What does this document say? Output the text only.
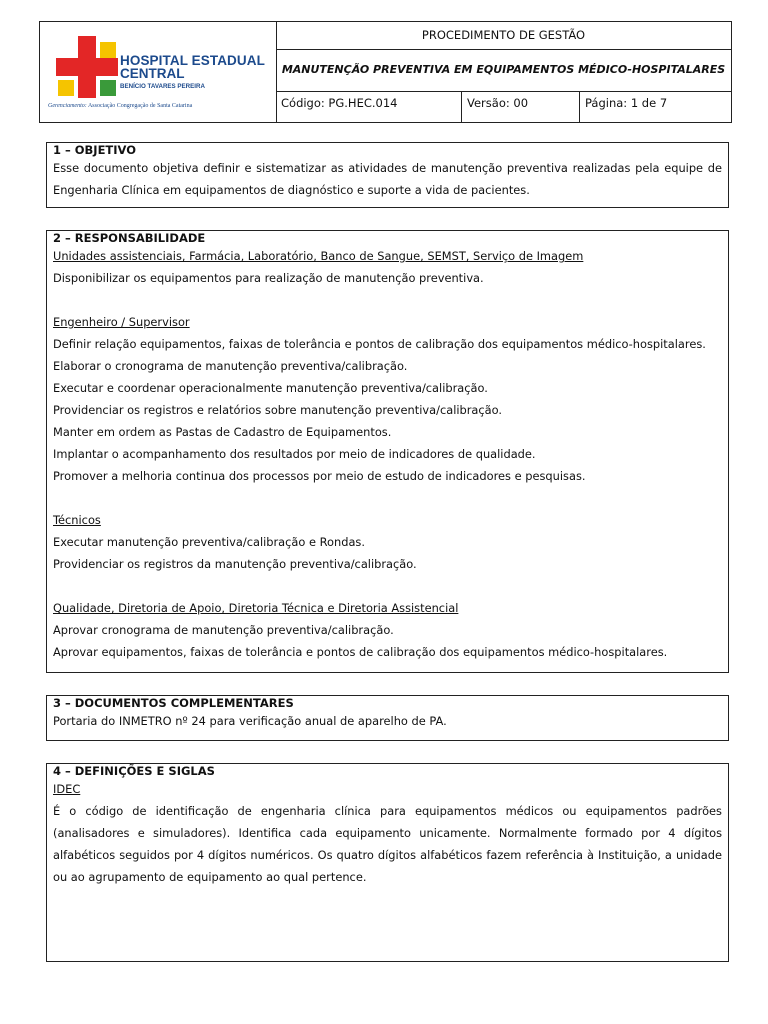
HOSPITAL ESTADUAL
CENTRAL
BENÍCIO TAVARES PEREIRA
Gerenciamento: Associação Congregação de Santa Catarina
PROCEDIMENTO DE GESTÃO
MANUTENÇÃO PREVENTIVA EM EQUIPAMENTOS MÉDICO-HOSPITALARES
Código: PG.HEC.014	Versão: 00	Página: 1 de 7
1 – OBJETIVO
Esse documento objetiva definir e sistematizar as atividades de manutenção preventiva realizadas pela equipe de Engenharia Clínica em equipamentos de diagnóstico e suporte a vida de pacientes.
2 – RESPONSABILIDADE
Unidades assistenciais, Farmácia, Laboratório, Banco de Sangue, SEMST, Serviço de Imagem
Disponibilizar os equipamentos para realização de manutenção preventiva.
Engenheiro / Supervisor
Definir relação equipamentos, faixas de tolerância e pontos de calibração dos equipamentos médico-hospitalares.
Elaborar o cronograma de manutenção preventiva/calibração.
Executar e coordenar operacionalmente manutenção preventiva/calibração.
Providenciar os registros e relatórios sobre manutenção preventiva/calibração.
Manter em ordem as Pastas de Cadastro de Equipamentos.
Implantar o acompanhamento dos resultados por meio de indicadores de qualidade.
Promover a melhoria continua dos processos por meio de estudo de indicadores e pesquisas.
Técnicos
Executar manutenção preventiva/calibração e Rondas.
Providenciar os registros da manutenção preventiva/calibração.
Qualidade, Diretoria de Apoio, Diretoria Técnica e Diretoria Assistencial
Aprovar cronograma de manutenção preventiva/calibração.
Aprovar equipamentos, faixas de tolerância e pontos de calibração dos equipamentos médico-hospitalares.
3 – DOCUMENTOS COMPLEMENTARES
Portaria do INMETRO nº 24 para verificação anual de aparelho de PA.
4 – DEFINIÇÕES E SIGLAS
IDEC
É o código de identificação de engenharia clínica para equipamentos médicos ou equipamentos padrões (analisadores e simuladores). Identifica cada equipamento unicamente. Normalmente formado por 4 dígitos alfabéticos seguidos por 4 dígitos numéricos. Os quatro dígitos alfabéticos fazem referência à Instituição, a unidade ou ao agrupamento de equipamento ao qual pertence.
